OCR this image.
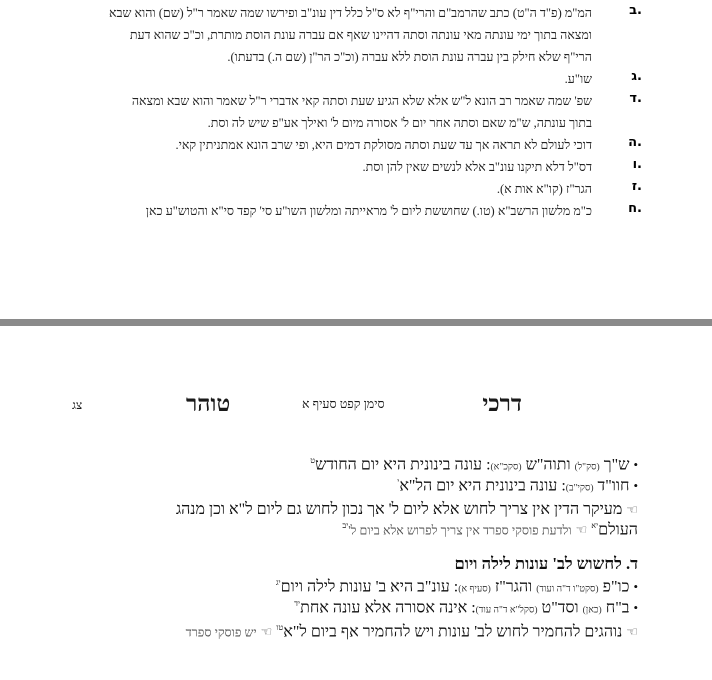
ב.
המ"מ (פ"ד ה"ט) כתב שהרמב"ם והרי"ף לא ס"ל כלל דין עונ"ב ופירשו שמה שאמר ר"ל (שם) והוא שבא
ומצאה בתוך ימי עונתה מאי עונתה וסתה דהיינו שאף אם עברה עונת הוסת מותרת, וכ"כ שהוא דעת
הרי"ף שלא חילק בין עברה עונת הוסת ללא עברה (וכ"כ הר"ן (שם ה.) בדעתו).
ג.
שו"ע.
ד.
שפ' שמה שאמר רב הונא ל"ש אלא שלא הגיע שעת וסתה קאי אדברי ר"ל שאמר והוא שבא ומצאה
בתוך עונתה, ש"מ שאם וסתה אחר יום ל' אסורה מיום ל' ואילך אע"פ שיש לה וסת.
ה.
דוכי לעולם לא תראה אך עד שעת וסתה מסולקת דמים היא, ופי שרב הונא אמתניתין קאי.
ו.
דס"ל דלא תיקנו עונ"ב אלא לנשים שאין להן וסת.
ז.
הגר"ז (קו"א אות א).
ח.
כ"מ מלשון הרשב"א (טו.) שחוששת ליום ל' מראייתה ומלשון השו"ע סי' קפד סי"א והטוש"ע כאן
דרכי
סימן קפט סעיף א
טוהר
צג
•ש"ך (סק"ל) ותוה"ש (סקכ"א): עונה בינונית היא יום החודש$^ט$
•חוו"ד (סקי"ב): עונה בינונית היא יום הל"א$^י$
☜מעיקר הדין אין צריך לחוש אלא ליום ל' אך נכון לחוש גם ליום ל"א וכן מנהג
העולם$^{יא}$ ☜ולדעת פוסקי ספרד אין צריך לפרוש אלא ביום $ל'^{יב}$
ד. לחשוש לב' עונות לילה ויום
•כו"פ (סקט"ו ד"ה ועוד) והגר"ז (סעיף א): עונ"ב היא ב' עונות לילה ויום$^{יג}$
•ב"ח (כאן) וסד"ט (סקל"א ד"ה עוד): אינה אסורה אלא עונה אחת$^{יד}$
☜נוהגים להחמיר לחוש לב' עונות ויש להחמיר אף ביום ל"א$^{טו}$ ☜יש פוסקי ספרד
